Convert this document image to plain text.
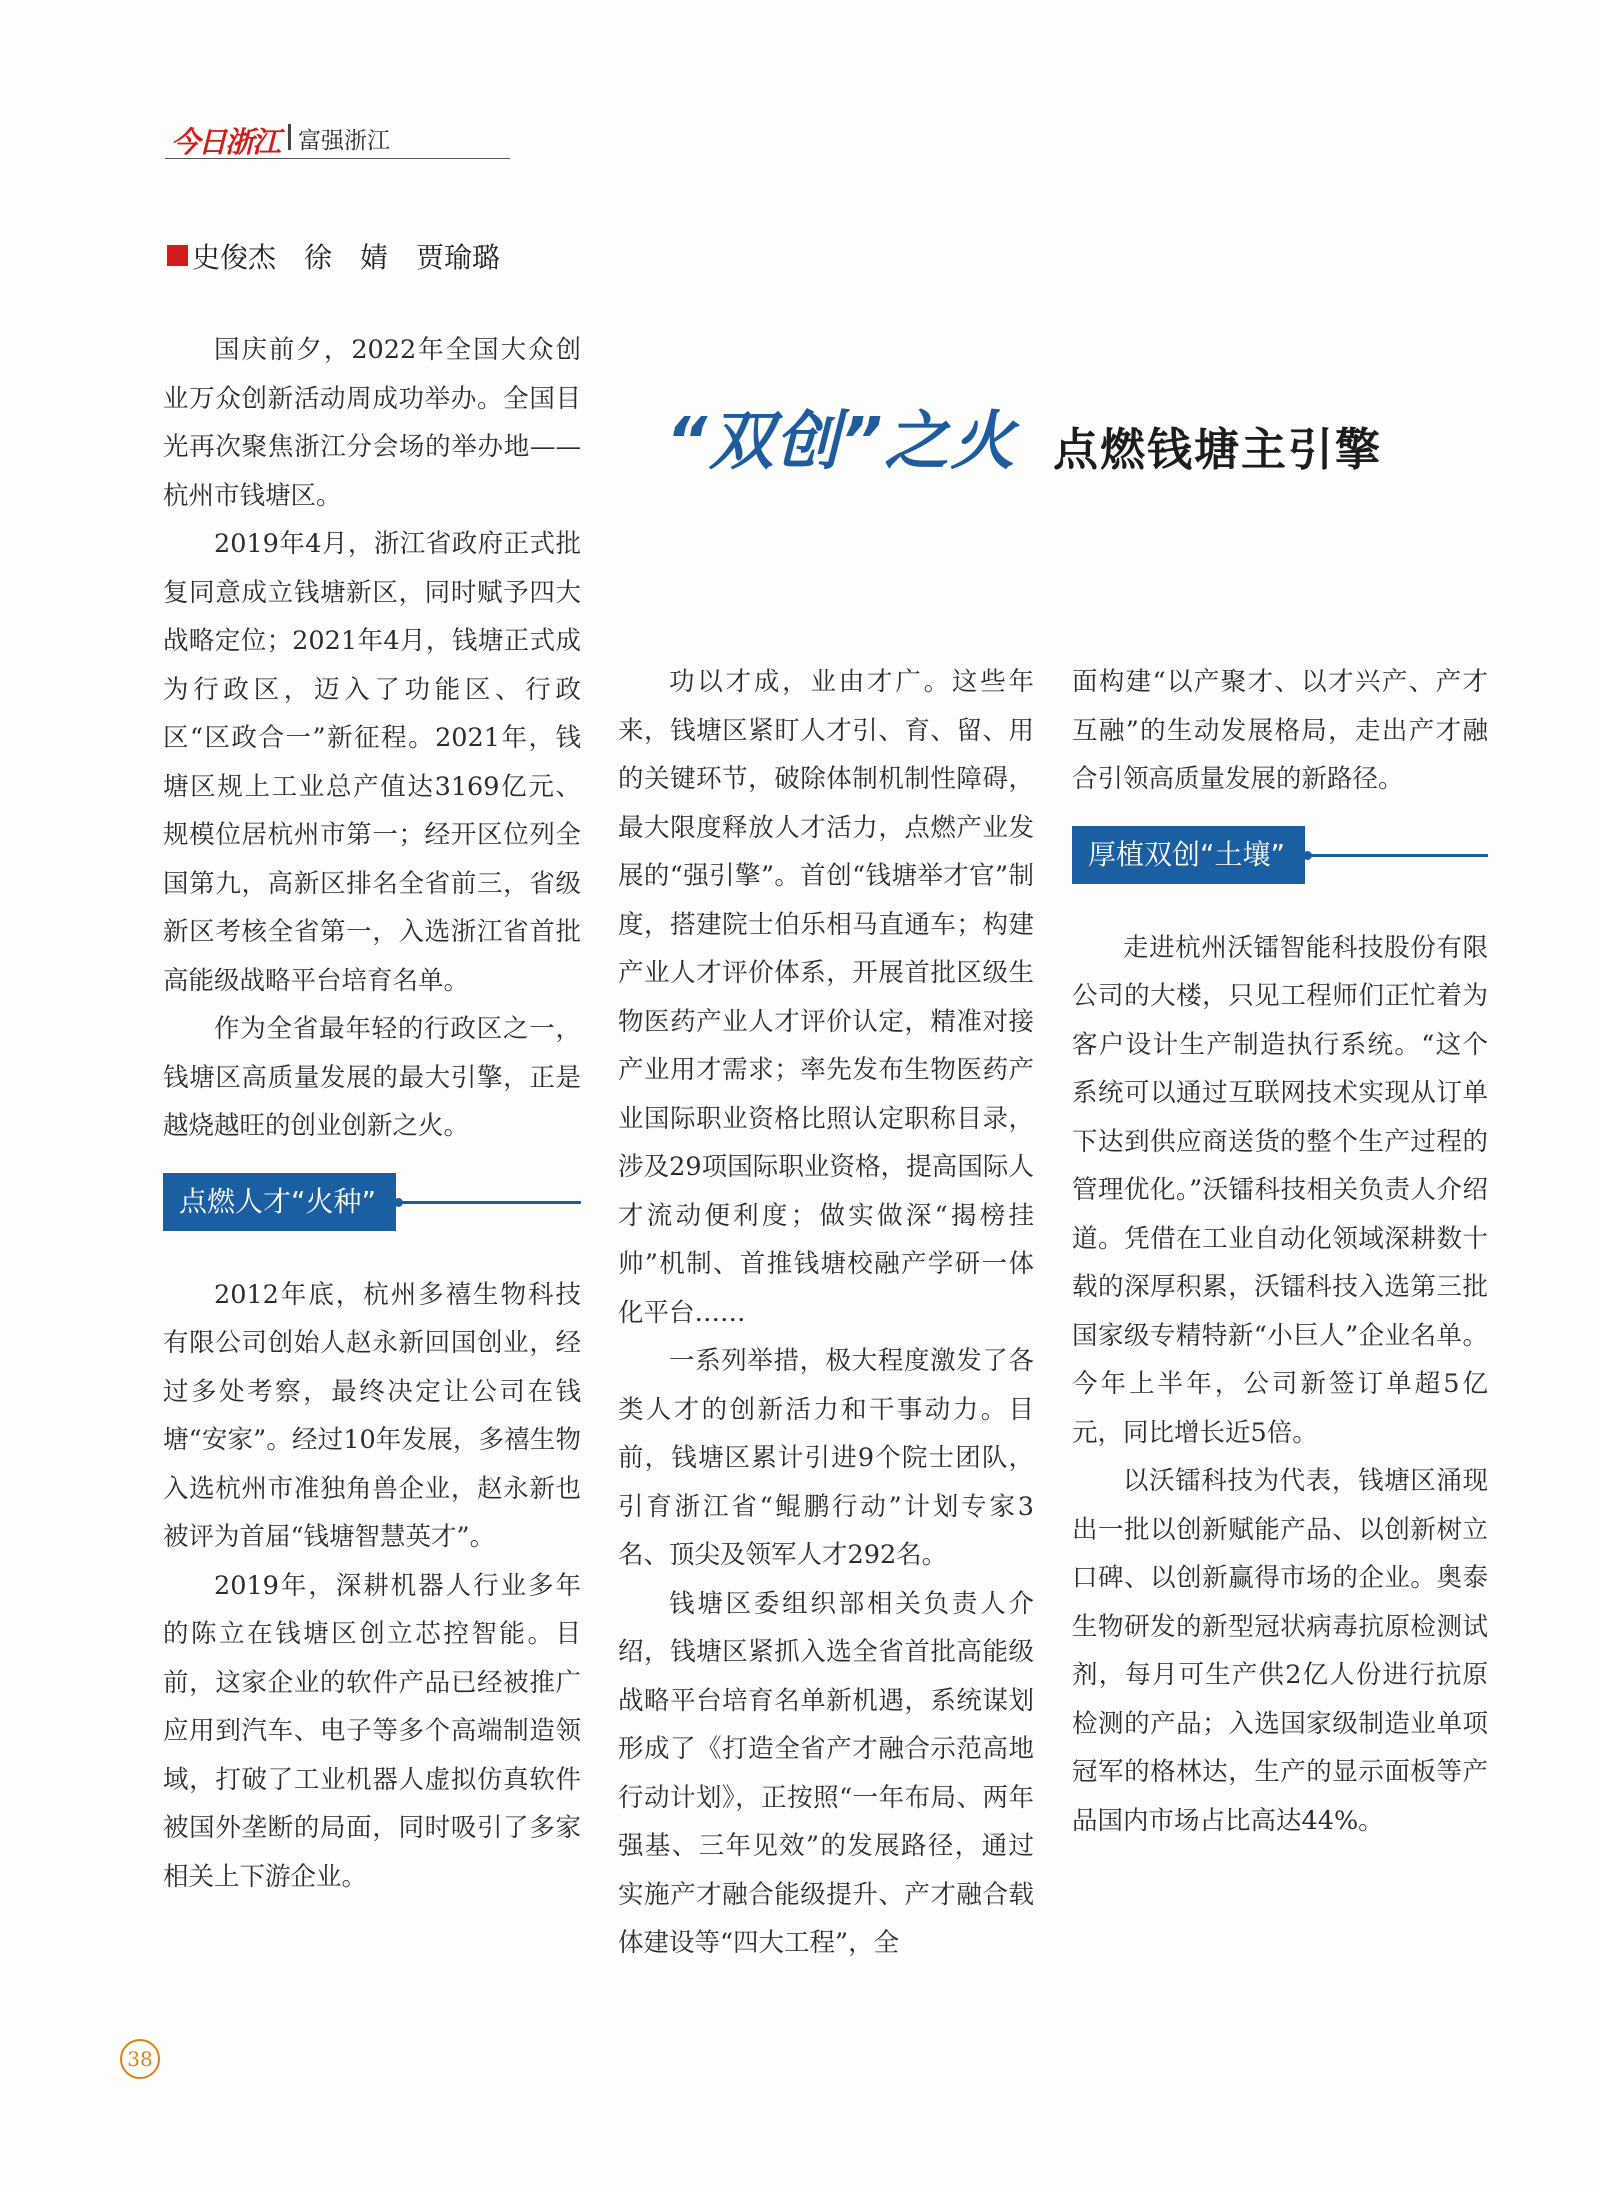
今日浙江 富强浙江
史俊杰　徐　婧　贾瑜璐
“双创”之火 点燃钱塘主引擎

国庆前夕，2022年全国大众创业万众创新活动周成功举办。全国目光再次聚焦浙江分会场的举办地——杭州市钱塘区。

2019年4月，浙江省政府正式批复同意成立钱塘新区，同时赋予四大战略定位；2021年4月，钱塘正式成为行政区，迈入了功能区、行政区“区政合一”新征程。2021年，钱塘区规上工业总产值达3169亿元、规模位居杭州市第一；经开区位列全国第九，高新区排名全省前三，省级新区考核全省第一，入选浙江省首批高能级战略平台培育名单。

作为全省最年轻的行政区之一，钱塘区高质量发展的最大引擎，正是越烧越旺的创业创新之火。

点燃人才“火种”

2012年底，杭州多禧生物科技有限公司创始人赵永新回国创业，经过多处考察，最终决定让公司在钱塘“安家”。经过10年发展，多禧生物入选杭州市准独角兽企业，赵永新也被评为首届“钱塘智慧英才”。

2019年，深耕机器人行业多年的陈立在钱塘区创立芯控智能。目前，这家企业的软件产品已经被推广应用到汽车、电子等多个高端制造领域，打破了工业机器人虚拟仿真软件被国外垄断的局面，同时吸引了多家相关上下游企业。

功以才成，业由才广。这些年来，钱塘区紧盯人才引、育、留、用的关键环节，破除体制机制性障碍，最大限度释放人才活力，点燃产业发展的“强引擎”。首创“钱塘举才官”制度，搭建院士伯乐相马直通车；构建产业人才评价体系，开展首批区级生物医药产业人才评价认定，精准对接产业用才需求；率先发布生物医药产业国际职业资格比照认定职称目录，涉及29项国际职业资格，提高国际人才流动便利度；做实做深“揭榜挂帅”机制、首推钱塘校融产学研一体化平台……

一系列举措，极大程度激发了各类人才的创新活力和干事动力。目前，钱塘区累计引进9个院士团队，引育浙江省“鲲鹏行动”计划专家3名、顶尖及领军人才292名。

钱塘区委组织部相关负责人介绍，钱塘区紧抓入选全省首批高能级战略平台培育名单新机遇，系统谋划形成了《打造全省产才融合示范高地行动计划》，正按照“一年布局、两年强基、三年见效”的发展路径，通过实施产才融合能级提升、产才融合载体建设等“四大工程”，全

面构建“以产聚才、以才兴产、产才互融”的生动发展格局，走出产才融合引领高质量发展的新路径。

厚植双创“土壤”

走进杭州沃镭智能科技股份有限公司的大楼，只见工程师们正忙着为客户设计生产制造执行系统。“这个系统可以通过互联网技术实现从订单下达到供应商送货的整个生产过程的管理优化。”沃镭科技相关负责人介绍道。凭借在工业自动化领域深耕数十载的深厚积累，沃镭科技入选第三批国家级专精特新“小巨人”企业名单。今年上半年，公司新签订单超5亿元，同比增长近5倍。

以沃镭科技为代表，钱塘区涌现出一批以创新赋能产品、以创新树立口碑、以创新赢得市场的企业。奥泰生物研发的新型冠状病毒抗原检测试剂，每月可生产供2亿人份进行抗原检测的产品；入选国家级制造业单项冠军的格林达，生产的显示面板等产品国内市场占比高达44%。

38
